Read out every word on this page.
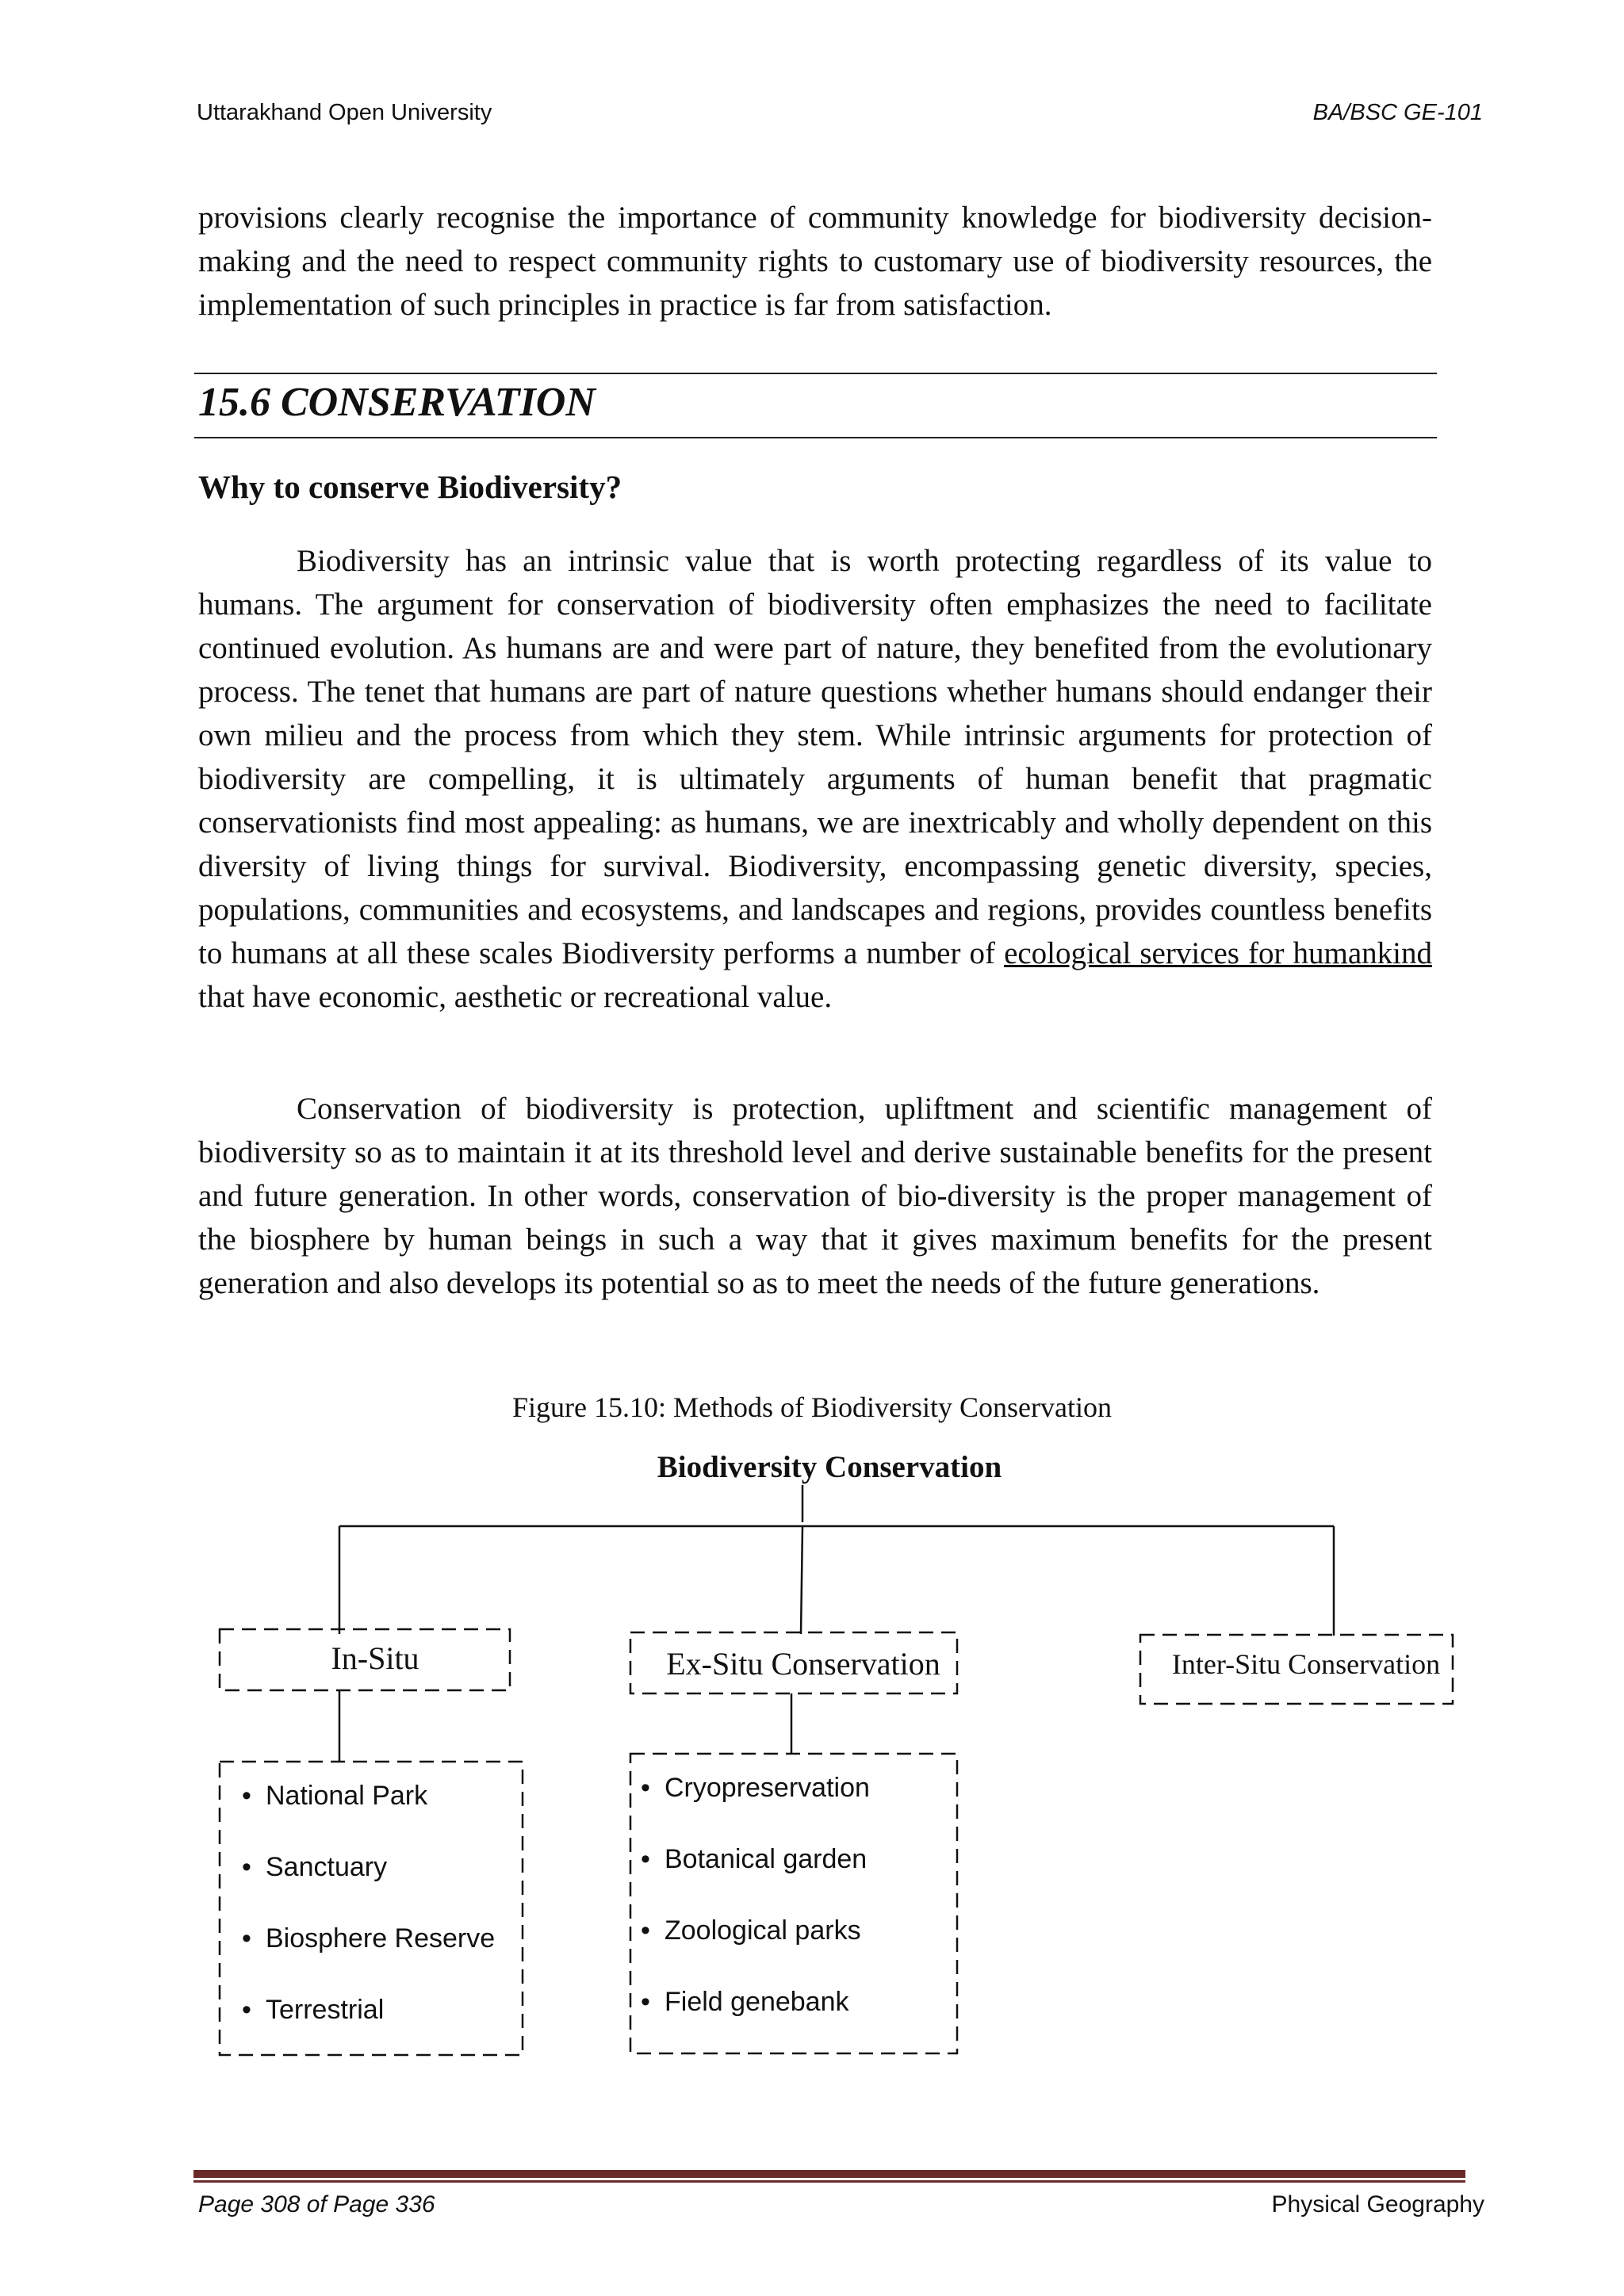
Uttarakhand Open University	BA/BSC GE-101

provisions clearly recognise the importance of community knowledge for biodiversity decision-making and the need to respect community rights to customary use of biodiversity resources, the implementation of such principles in practice is far from satisfaction.

15.6 CONSERVATION
Why to conserve Biodiversity?

Biodiversity has an intrinsic value that is worth protecting regardless of its value to humans. The argument for conservation of biodiversity often emphasizes the need to facilitate continued evolution. As humans are and were part of nature, they benefited from the evolutionary process. The tenet that humans are part of nature questions whether humans should endanger their own milieu and the process from which they stem. While intrinsic arguments for protection of biodiversity are compelling, it is ultimately arguments of human benefit that pragmatic conservationists find most appealing: as humans, we are inextricably and wholly dependent on this diversity of living things for survival. Biodiversity, encompassing genetic diversity, species, populations, communities and ecosystems, and landscapes and regions, provides countless benefits to humans at all these scales Biodiversity performs a number of ecological services for humankind that have economic, aesthetic or recreational value.

Conservation of biodiversity is protection, upliftment and scientific management of biodiversity so as to maintain it at its threshold level and derive sustainable benefits for the present and future generation. In other words, conservation of bio-diversity is the proper management of the biosphere by human beings in such a way that it gives maximum benefits for the present generation and also develops its potential so as to meet the needs of the future generations.

Figure 15.10: Methods of Biodiversity Conservation
Biodiversity Conservation
In-Situ	Ex-Situ Conservation	Inter-Situ Conservation
• National Park
• Sanctuary
• Biosphere Reserve
• Terrestrial
• Cryopreservation
• Botanical garden
• Zoological parks
• Field genebank
Page 308 of Page 336	Physical Geography
